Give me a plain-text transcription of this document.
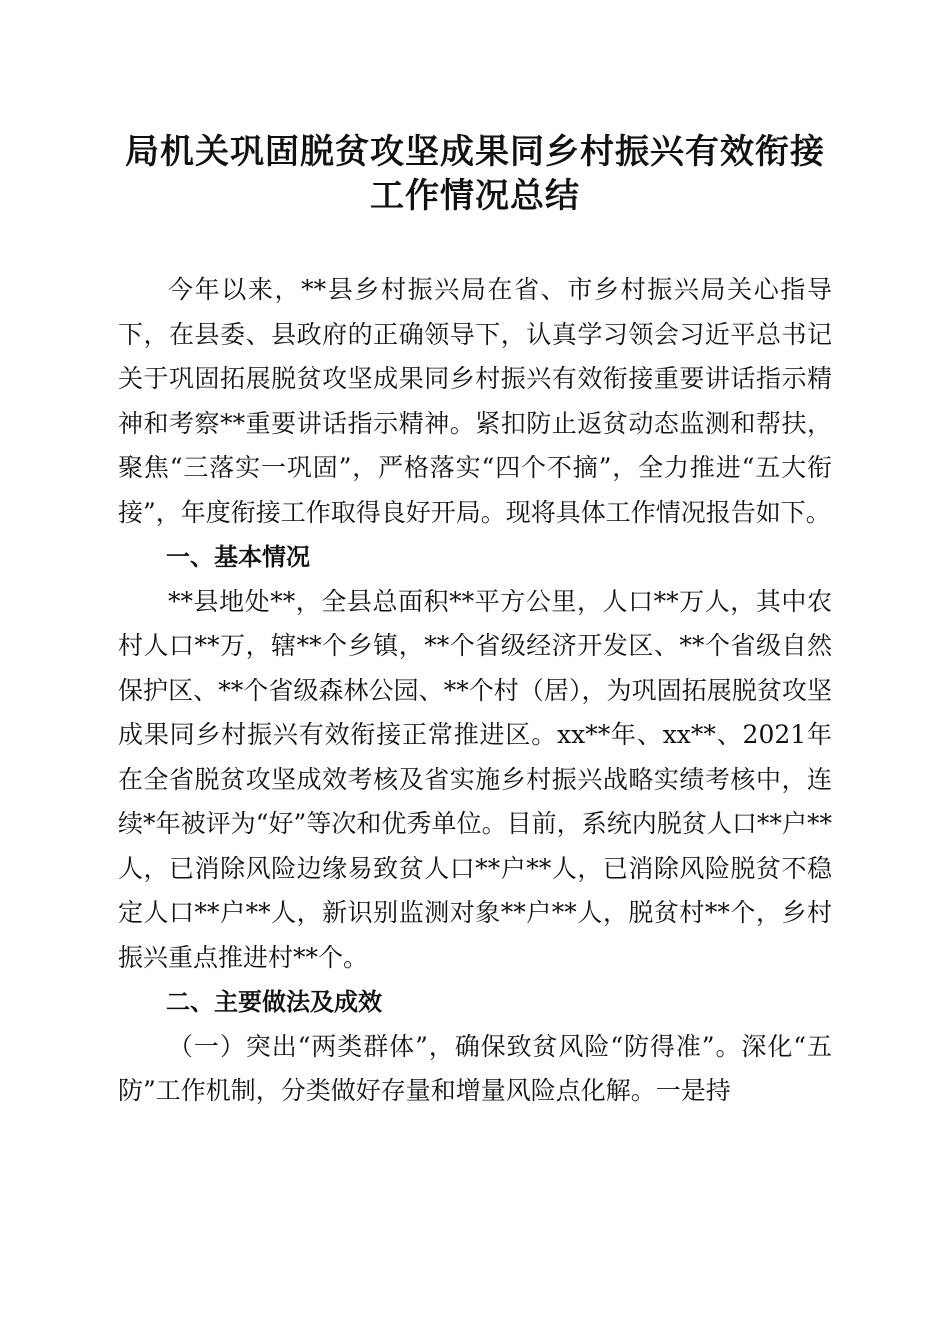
局机关巩固脱贫攻坚成果同乡村振兴有效衔接
工作情况总结

今年以来，**县乡村振兴局在省、市乡村振兴局关心指导下，在县委、县政府的正确领导下，认真学习领会习近平总书记关于巩固拓展脱贫攻坚成果同乡村振兴有效衔接重要讲话指示精神和考察**重要讲话指示精神。紧扣防止返贫动态监测和帮扶，聚焦“三落实一巩固”，严格落实“四个不摘”，全力推进“五大衔接”，年度衔接工作取得良好开局。现将具体工作情况报告如下。

一、基本情况

**县地处**，全县总面积**平方公里，人口**万人，其中农村人口**万，辖**个乡镇，**个省级经济开发区、**个省级自然保护区、**个省级森林公园、**个村（居），为巩固拓展脱贫攻坚成果同乡村振兴有效衔接正常推进区。xx**年、xx**、2021年在全省脱贫攻坚成效考核及省实施乡村振兴战略实绩考核中，连续*年被评为“好”等次和优秀单位。目前，系统内脱贫人口**户**人，已消除风险边缘易致贫人口**户**人，已消除风险脱贫不稳定人口**户**人，新识别监测对象**户**人，脱贫村**个，乡村振兴重点推进村**个。

二、主要做法及成效

（一）突出“两类群体”，确保致贫风险“防得准”。深化“五防”工作机制，分类做好存量和增量风险点化解。一是持
